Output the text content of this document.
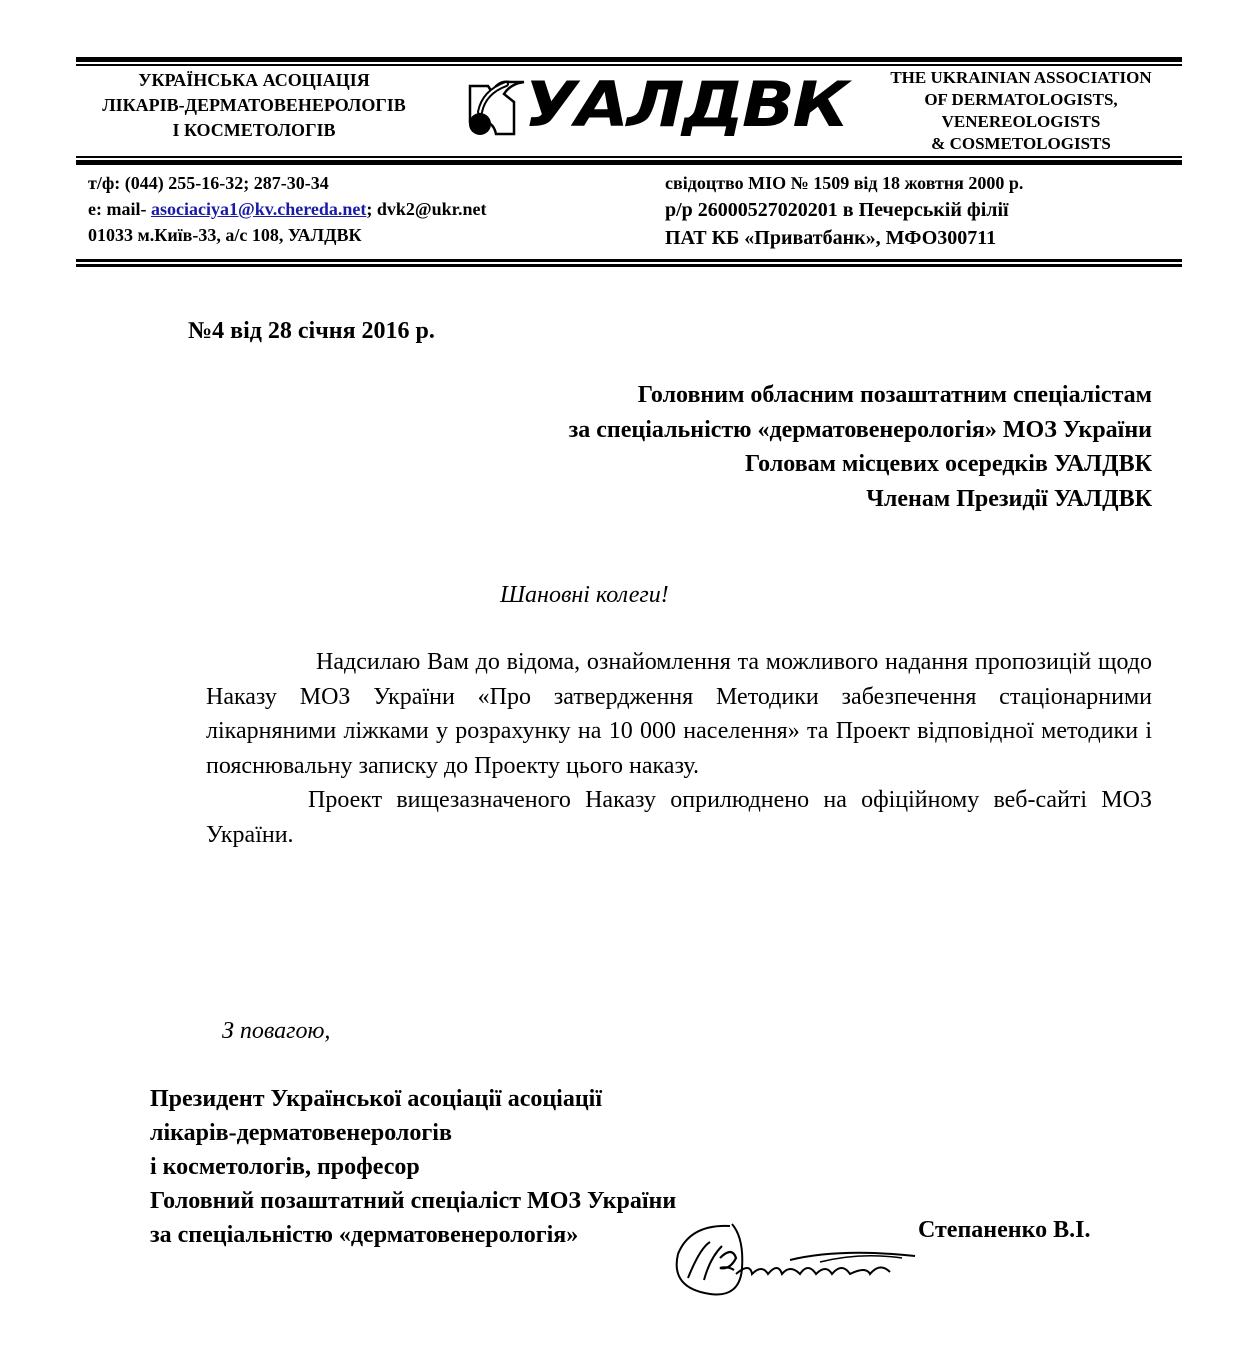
УКРАЇНСЬКА АСОЦІАЦІЯ
ЛІКАРІВ-ДЕРМАТОВЕНЕРОЛОГІВ
І КОСМЕТОЛОГІВ	УАЛДВК	THE UKRAINIAN ASSOCIATION
OF DERMATOLOGISTS,
VENEREOLOGISTS
& COSMETOLOGISTS
т/ф: (044) 255-16-32; 287-30-34
e: mail- asociaciya1@kv.chereda.net; dvk2@ukr.net
01033 м.Київ-33, а/с 108, УАЛДВК
свідоцтво МІО № 1509 від 18 жовтня 2000 р.
р/р 26000527020201 в Печерській філії
ПАТ КБ «Приватбанк», МФО300711
№4 від 28 січня 2016 р.
Головним обласним позаштатним спеціалістам
за спеціальністю «дерматовенерологія» МОЗ України
Головам місцевих осередків УАЛДВК
Членам Президії УАЛДВК
Шановні колеги!

Надсилаю Вам до відома, ознайомлення та можливого надання пропозицій щодо Наказу МОЗ України «Про затвердження Методики забезпечення стаціонарними лікарняними ліжками у розрахунку на 10 000 населення» та Проект відповідної методики і пояснювальну записку до Проекту цього наказу.

Проект вищезазначеного Наказу оприлюднено на офіційному веб-сайті МОЗ України.

З повагою,
Президент Української асоціації асоціації
лікарів-дерматовенерологів
і косметологів, професор
Головний позаштатний спеціаліст МОЗ України
за спеціальністю «дерматовенерологія»	Степаненко В.І.
